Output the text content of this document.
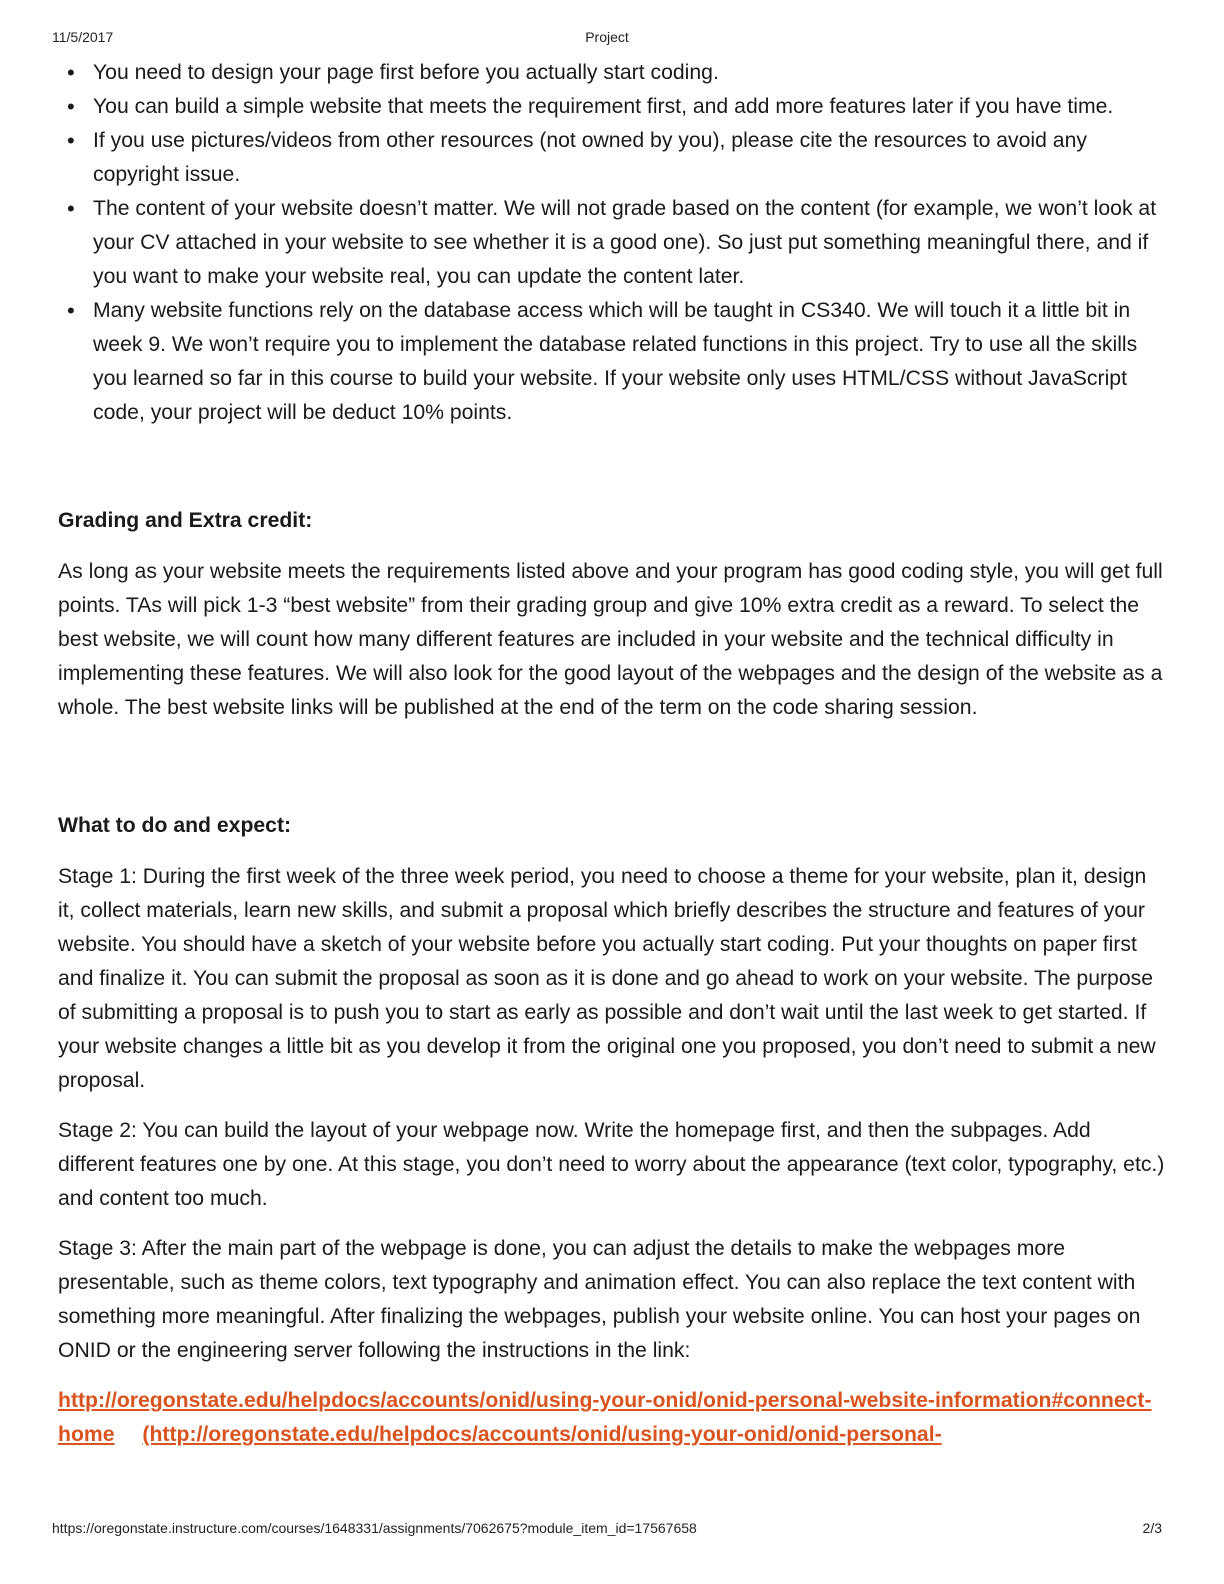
11/5/2017	Project
• You need to design your page first before you actually start coding.
• You can build a simple website that meets the requirement first, and add more features later if you have time.
• If you use pictures/videos from other resources (not owned by you), please cite the resources to avoid any copyright issue.
• The content of your website doesn’t matter. We will not grade based on the content (for example, we won’t look at your CV attached in your website to see whether it is a good one). So just put something meaningful there, and if you want to make your website real, you can update the content later.
• Many website functions rely on the database access which will be taught in CS340. We will touch it a little bit in week 9. We won’t require you to implement the database related functions in this project. Try to use all the skills you learned so far in this course to build your website. If your website only uses HTML/CSS without JavaScript code, your project will be deduct 10% points.
Grading and Extra credit:

As long as your website meets the requirements listed above and your program has good coding style, you will get full points. TAs will pick 1-3 “best website” from their grading group and give 10% extra credit as a reward. To select the best website, we will count how many different features are included in your website and the technical difficulty in implementing these features. We will also look for the good layout of the webpages and the design of the website as a whole. The best website links will be published at the end of the term on the code sharing session.

What to do and expect:

Stage 1: During the first week of the three week period, you need to choose a theme for your website, plan it, design it, collect materials, learn new skills, and submit a proposal which briefly describes the structure and features of your website. You should have a sketch of your website before you actually start coding. Put your thoughts on paper first and finalize it. You can submit the proposal as soon as it is done and go ahead to work on your website. The purpose of submitting a proposal is to push you to start as early as possible and don’t wait until the last week to get started. If your website changes a little bit as you develop it from the original one you proposed, you don’t need to submit a new proposal.

Stage 2: You can build the layout of your webpage now. Write the homepage first, and then the subpages. Add different features one by one. At this stage, you don’t need to worry about the appearance (text color, typography, etc.) and content too much.

Stage 3: After the main part of the webpage is done, you can adjust the details to make the webpages more presentable, such as theme colors, text typography and animation effect. You can also replace the text content with something more meaningful. After finalizing the webpages, publish your website online. You can host your pages on ONID or the engineering server following the instructions in the link:

http://oregonstate.edu/helpdocs/accounts/onid/using-your-onid/onid-personal-website-information#connect-home (http://oregonstate.edu/helpdocs/accounts/onid/using-your-onid/onid-personal-
https://oregonstate.instructure.com/courses/1648331/assignments/7062675?module_item_id=17567658	2/3
